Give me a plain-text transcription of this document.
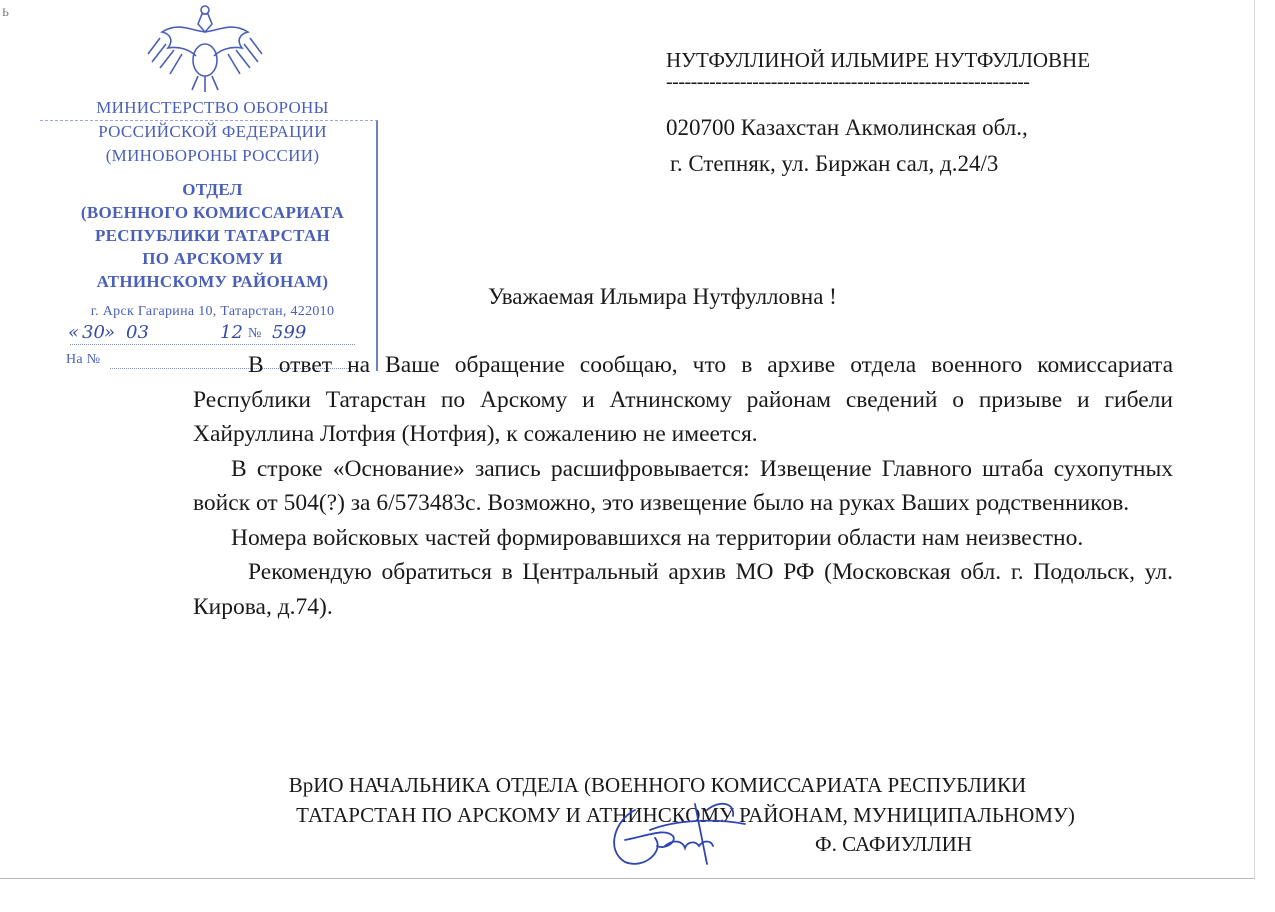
Ь
МИНИСТЕРСТВО ОБОРОНЫ
РОССИЙСКОЙ ФЕДЕРАЦИИ
(МИНОБОРОНЫ РОССИИ)
ОТДЕЛ
(ВОЕННОГО КОМИССАРИАТА
РЕСПУБЛИКИ ТАТАРСТАН
ПО АРСКОМУ И
АТНИНСКОМУ РАЙОНАМ)
г. Арск Гагарина 10, Татарстан, 422010
« 30 » 03	12 № 599
На №
НУТФУЛЛИНОЙ ИЛЬМИРЕ НУТФУЛЛОВНЕ
-----------------------------------------------------------
020700 Казахстан Акмолинская обл.,
г. Степняк, ул. Биржан сал, д.24/3
Уважаемая Ильмира Нутфулловна !

В ответ на Ваше обращение сообщаю, что в архиве отдела военного комиссариата Республики Татарстан по Арскому и Атнинскому районам сведений о призыве и гибели Хайруллина Лотфия (Нотфия), к сожалению не имеется.

В строке «Основание» запись расшифровывается: Извещение Главного штаба сухопутных войск от 504(?) за 6/573483с. Возможно, это извещение было на руках Ваших родственников.

Номера войсковых частей формировавшихся на территории области нам неизвестно.

Рекомендую обратиться в Центральный архив МО РФ (Московская обл. г. Подольск, ул. Кирова, д.74).

ВрИО НАЧАЛЬНИКА ОТДЕЛА (ВОЕННОГО КОМИССАРИАТА РЕСПУБЛИКИ
ТАТАРСТАН ПО АРСКОМУ И АТНИНСКОМУ РАЙОНАМ, МУНИЦИПАЛЬНОМУ)
Ф. САФИУЛЛИН
